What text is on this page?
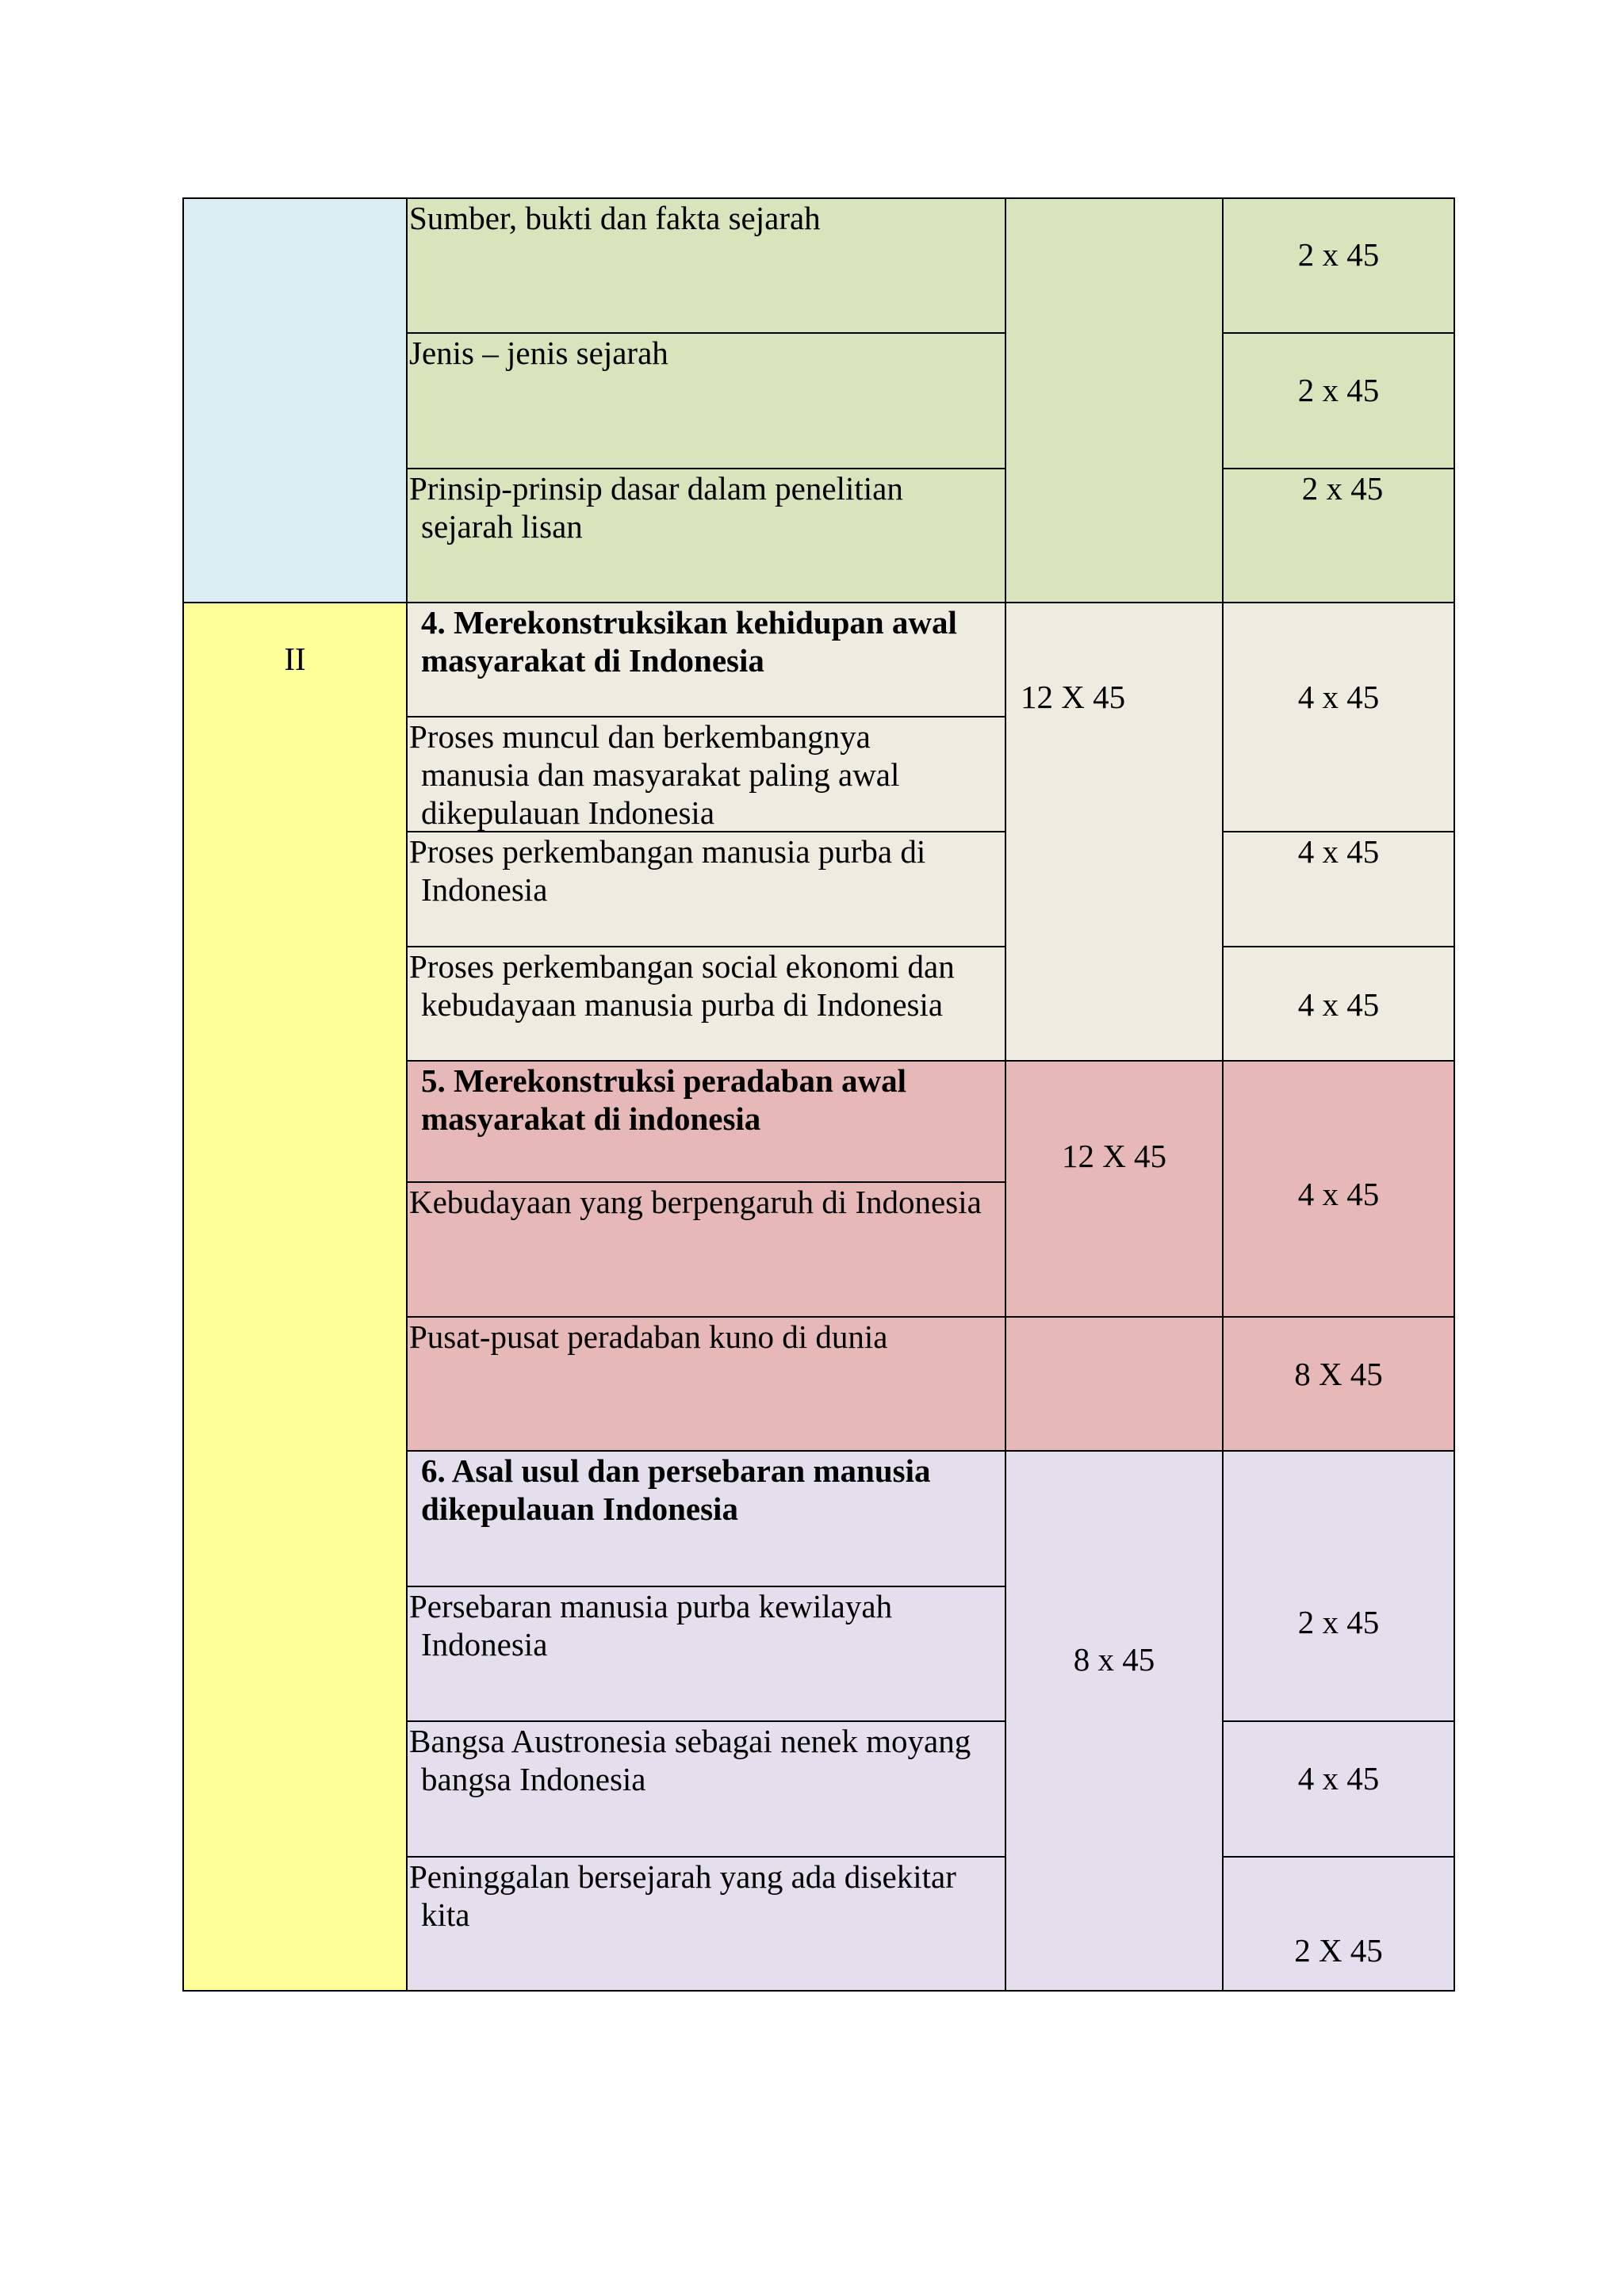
II
Sumber, bukti dan fakta sejarah
Jenis – jenis sejarah
Prinsip-prinsip dasar dalam penelitian
sejarah lisan
4. Merekonstruksikan kehidupan awal
masyarakat di Indonesia
Proses muncul dan berkembangnya
manusia dan masyarakat paling awal
dikepulauan Indonesia
Proses perkembangan manusia purba di
Indonesia
Proses perkembangan social ekonomi dan
kebudayaan manusia purba di Indonesia
5. Merekonstruksi peradaban awal
masyarakat di indonesia
Kebudayaan yang berpengaruh di Indonesia
Pusat-pusat peradaban kuno di dunia
6. Asal usul dan persebaran manusia
dikepulauan Indonesia
Persebaran manusia purba kewilayah
Indonesia
Bangsa Austronesia sebagai nenek moyang
bangsa Indonesia
Peninggalan bersejarah yang ada disekitar
kita
12 X 45
12 X 45
8 x 45
2 x 45
2 x 45
2 x 45
4 x 45
4 x 45
4 x 45
4 x 45
8 X 45
2 x 45
4 x 45
2 X 45
